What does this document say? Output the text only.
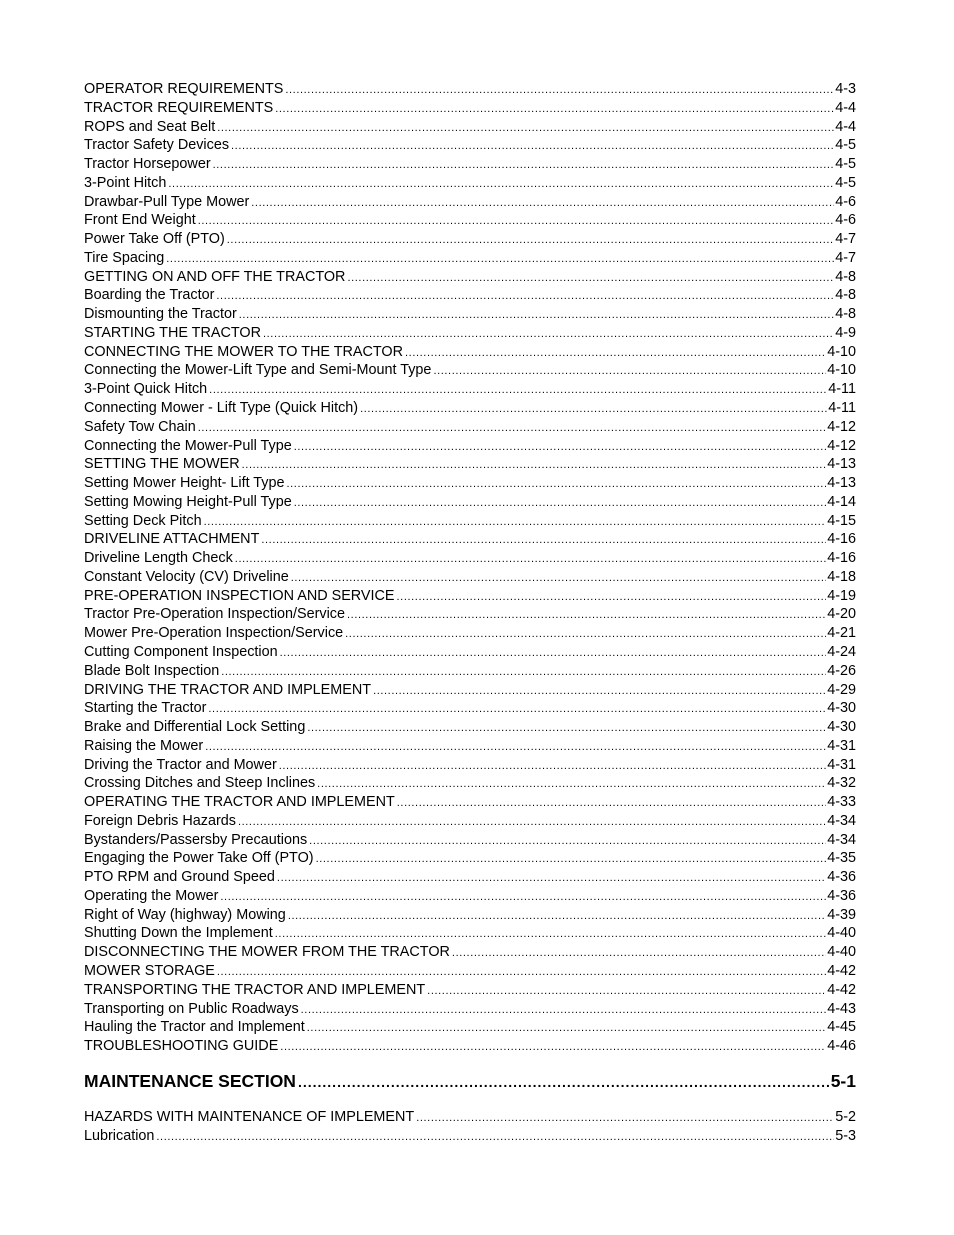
OPERATOR REQUIREMENTS .....	4-3
TRACTOR REQUIREMENTS .....	4-4
ROPS and Seat Belt .....	4-4
Tractor Safety Devices .....	4-5
Tractor Horsepower .....	4-5
3-Point Hitch .....	4-5
Drawbar-Pull Type Mower .....	4-6
Front End Weight .....	4-6
Power Take Off (PTO) .....	4-7
Tire Spacing .....	4-7
GETTING ON AND OFF THE TRACTOR .....	4-8
Boarding the Tractor .....	4-8
Dismounting the Tractor .....	4-8
STARTING THE TRACTOR .....	4-9
CONNECTING THE MOWER TO THE TRACTOR .....	4-10
Connecting the Mower-Lift Type and Semi-Mount Type .....	4-10
3-Point Quick Hitch .....	4-11
Connecting Mower - Lift Type (Quick Hitch) .....	4-11
Safety Tow Chain .....	4-12
Connecting the Mower-Pull Type .....	4-12
SETTING THE MOWER .....	4-13
Setting Mower Height- Lift Type .....	4-13
Setting Mowing Height-Pull Type .....	4-14
Setting Deck Pitch .....	4-15
DRIVELINE ATTACHMENT .....	4-16
Driveline Length Check .....	4-16
Constant Velocity (CV) Driveline .....	4-18
PRE-OPERATION INSPECTION AND SERVICE .....	4-19
Tractor Pre-Operation Inspection/Service .....	4-20
Mower Pre-Operation Inspection/Service .....	4-21
Cutting Component Inspection .....	4-24
Blade Bolt Inspection .....	4-26
DRIVING THE TRACTOR AND IMPLEMENT .....	4-29
Starting the Tractor .....	4-30
Brake and Differential Lock Setting .....	4-30
Raising the Mower .....	4-31
Driving the Tractor and Mower .....	4-31
Crossing Ditches and Steep Inclines .....	4-32
OPERATING THE TRACTOR AND IMPLEMENT .....	4-33
Foreign Debris Hazards .....	4-34
Bystanders/Passersby Precautions .....	4-34
Engaging the Power Take Off (PTO) .....	4-35
PTO RPM and Ground Speed .....	4-36
Operating the Mower .....	4-36
Right of Way (highway) Mowing .....	4-39
Shutting Down the Implement .....	4-40
DISCONNECTING THE MOWER FROM THE TRACTOR .....	4-40
MOWER STORAGE .....	4-42
TRANSPORTING THE TRACTOR AND IMPLEMENT .....	4-42
Transporting on Public Roadways .....	4-43
Hauling the Tractor and Implement .....	4-45
TROUBLESHOOTING GUIDE .....	4-46
MAINTENANCE SECTION .....	5-1
HAZARDS WITH MAINTENANCE OF IMPLEMENT .....	5-2
Lubrication .....	5-3
